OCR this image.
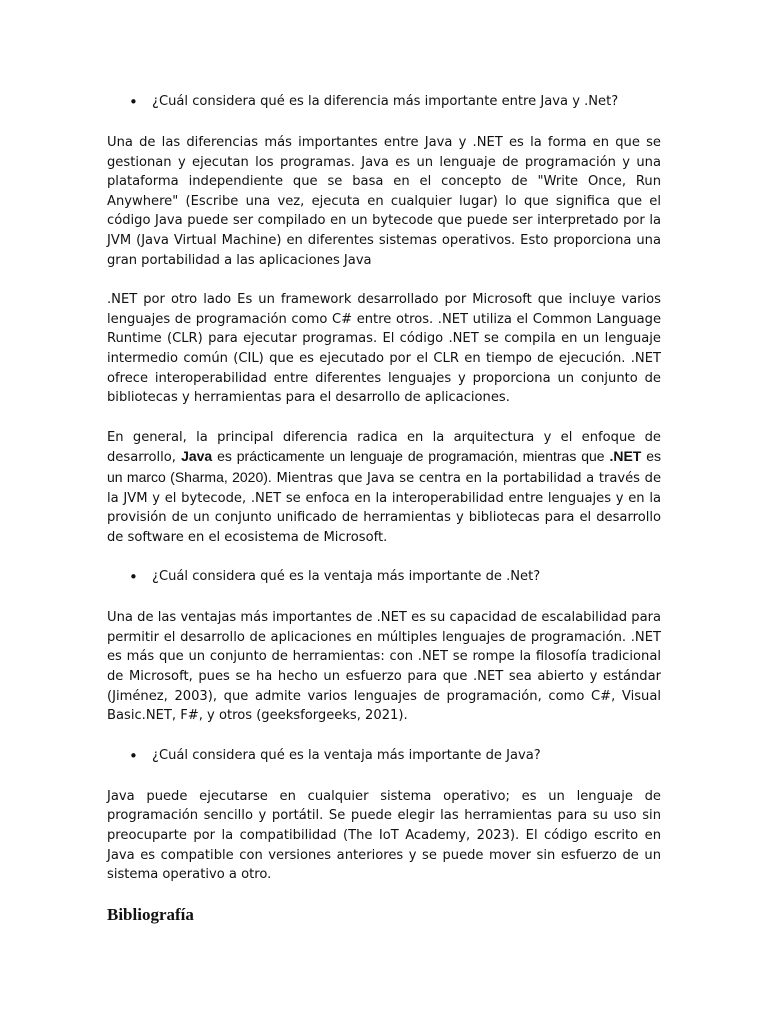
• ¿Cuál considera qué es la diferencia más importante entre Java y .Net?

Una de las diferencias más importantes entre Java y .NET es la forma en que se gestionan y ejecutan los programas. Java es un lenguaje de programación y una plataforma independiente que se basa en el concepto de "Write Once, Run Anywhere" (Escribe una vez, ejecuta en cualquier lugar) lo que significa que el código Java puede ser compilado en un bytecode que puede ser interpretado por la JVM (Java Virtual Machine) en diferentes sistemas operativos. Esto proporciona una gran portabilidad a las aplicaciones Java

.NET por otro lado Es un framework desarrollado por Microsoft que incluye varios lenguajes de programación como C# entre otros. .NET utiliza el Common Language Runtime (CLR) para ejecutar programas. El código .NET se compila en un lenguaje intermedio común (CIL) que es ejecutado por el CLR en tiempo de ejecución. .NET ofrece interoperabilidad entre diferentes lenguajes y proporciona un conjunto de bibliotecas y herramientas para el desarrollo de aplicaciones.

En general, la principal diferencia radica en la arquitectura y el enfoque de desarrollo, Java es prácticamente un lenguaje de programación, mientras que .NET es un marco (Sharma, 2020). Mientras que Java se centra en la portabilidad a través de la JVM y el bytecode, .NET se enfoca en la interoperabilidad entre lenguajes y en la provisión de un conjunto unificado de herramientas y bibliotecas para el desarrollo de software en el ecosistema de Microsoft.

• ¿Cuál considera qué es la ventaja más importante de .Net?

Una de las ventajas más importantes de .NET es su capacidad de escalabilidad para permitir el desarrollo de aplicaciones en múltiples lenguajes de programación. .NET es más que un conjunto de herramientas: con .NET se rompe la filosofía tradicional de Microsoft, pues se ha hecho un esfuerzo para que .NET sea abierto y estándar (Jiménez, 2003), que admite varios lenguajes de programación, como C#, Visual Basic.NET, F#, y otros (geeksforgeeks, 2021).

• ¿Cuál considera qué es la ventaja más importante de Java?

Java puede ejecutarse en cualquier sistema operativo; es un lenguaje de programación sencillo y portátil. Se puede elegir las herramientas para su uso sin preocuparte por la compatibilidad (The IoT Academy, 2023). El código escrito en Java es compatible con versiones anteriores y se puede mover sin esfuerzo de un sistema operativo a otro.

Bibliografía
